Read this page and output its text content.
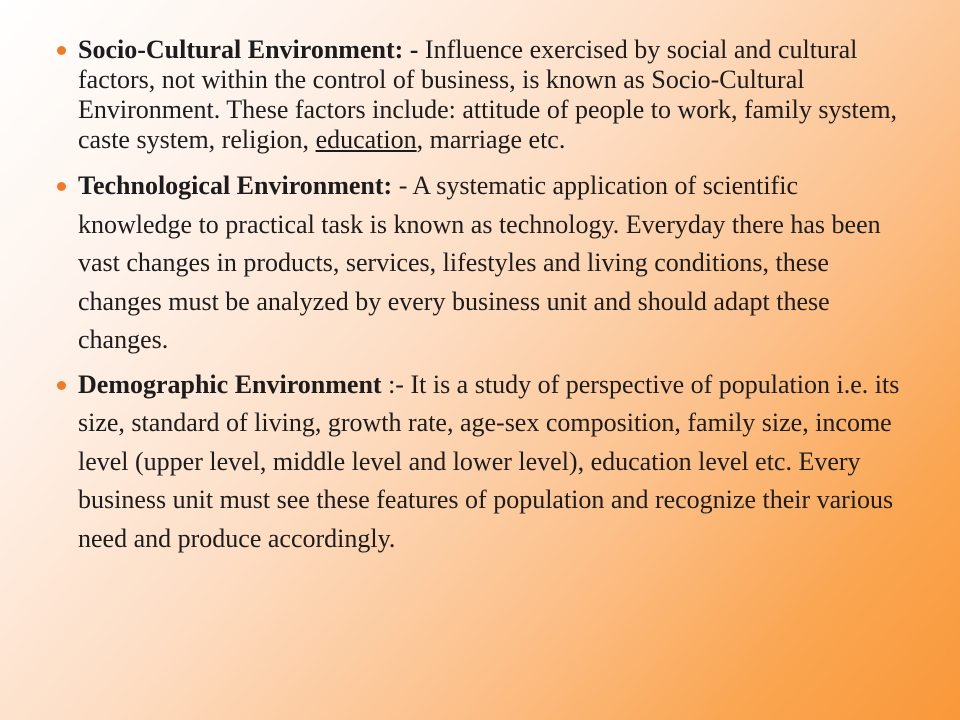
Socio-Cultural Environment: - Influence exercised by social and cultural factors, not within the control of business, is known as Socio-Cultural Environment. These factors include: attitude of people to work, family system, caste system, religion, education, marriage etc.

Technological Environment: - A systematic application of scientific knowledge to practical task is known as technology. Everyday there has been vast changes in products, services, lifestyles and living conditions, these changes must be analyzed by every business unit and should adapt these changes.

Demographic Environment :- It is a study of perspective of population i.e. its size, standard of living, growth rate, age-sex composition, family size, income level (upper level, middle level and lower level), education level etc. Every business unit must see these features of population and recognize their various need and produce accordingly.
